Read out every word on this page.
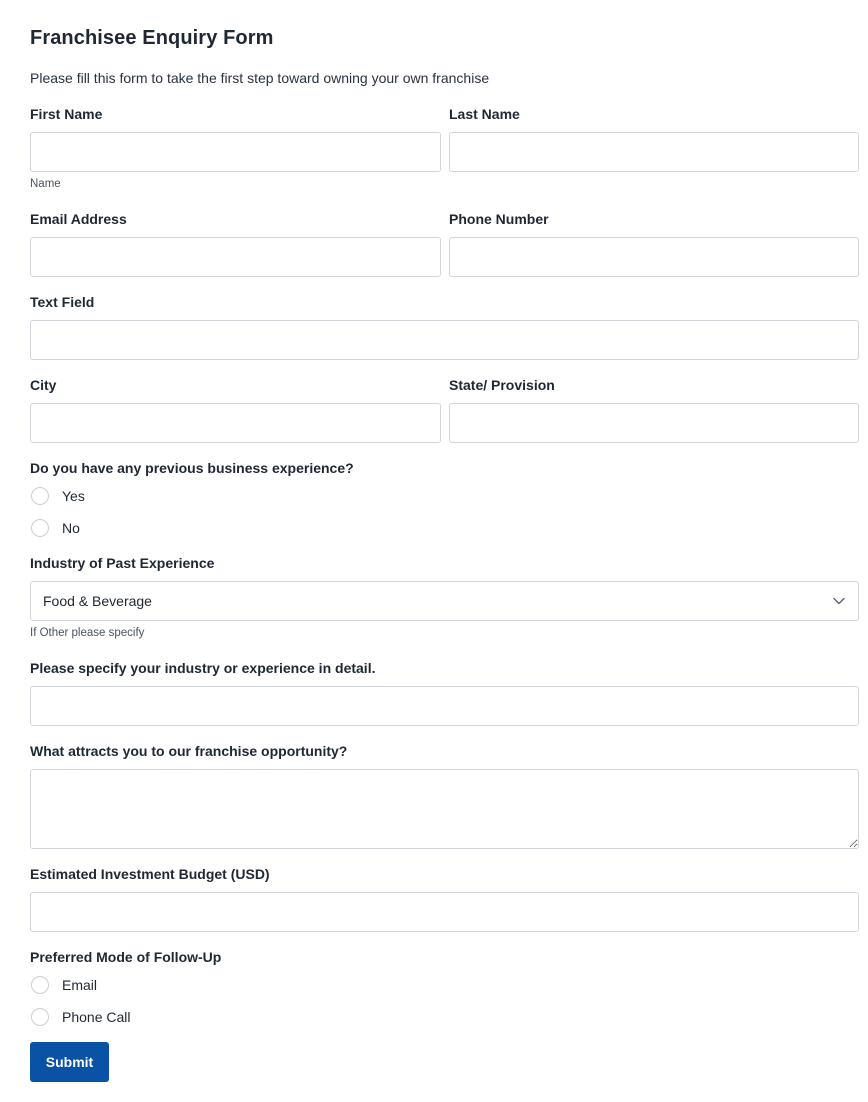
Franchisee Enquiry Form
Please fill this form to take the first step toward owning your own franchise
First Name	Last Name
Name
Email Address	Phone Number
Text Field
City	State/ Provision
Do you have any previous business experience?
Yes
No
Industry of Past Experience
Food & Beverage
If Other please specify
Please specify your industry or experience in detail.
What attracts you to our franchise opportunity?
Estimated Investment Budget (USD)
Preferred Mode of Follow-Up
Email
Phone Call
Submit
